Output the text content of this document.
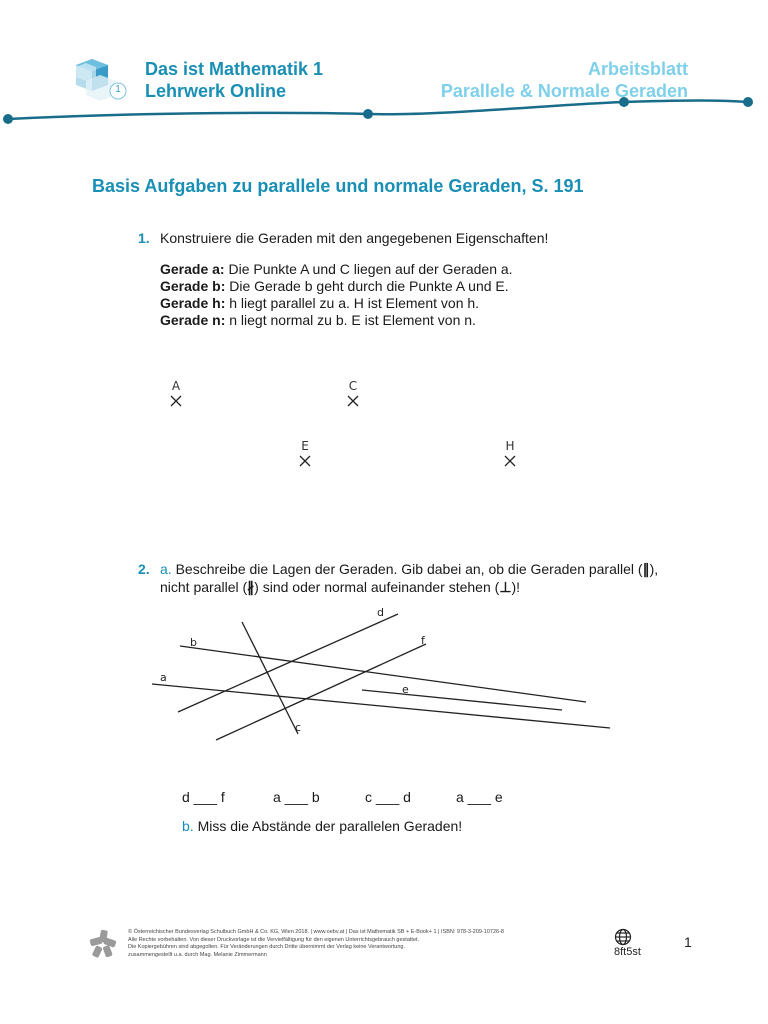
1
Das ist Mathematik 1
Lehrwerk Online
Arbeitsblatt
Parallele & Normale Geraden
Basis Aufgaben zu parallele und normale Geraden, S. 191
1. Konstruiere die Geraden mit den angegebenen Eigenschaften!
Gerade a: Die Punkte A und C liegen auf der Geraden a.
Gerade b: Die Gerade b geht durch die Punkte A und E.
Gerade h: h liegt parallel zu a. H ist Element von h.
Gerade n: n liegt normal zu b. E ist Element von n.
A	C
E	H
2. a. Beschreibe die Lagen der Geraden. Gib dabei an, ob die Geraden parallel (∥),
nicht parallel (∦) sind oder normal aufeinander stehen (⊥)!
d
f
b
a
e
c
d ___ f	a ___ b	c ___ d	a ___ e
b. Miss die Abstände der parallelen Geraden!
© Österreichischer Bundesverlag Schulbuch GmbH & Co. KG, Wien 2018. | www.oebv.at | Das ist Mathematik SB + E-Book+ 1 | ISBN: 978-3-209-10726-8
Alle Rechte vorbehalten. Von dieser Druckvorlage ist die Vervielfältigung für den eigenen Unterrichtsgebrauch gestattet.
Die Kopiergebühren sind abgegolten. Für Veränderungen durch Dritte übernimmt der Verlag keine Verantwortung.
zusammengestellt u.a. durch Mag. Melanie Zimmermann	8ft5st
1
